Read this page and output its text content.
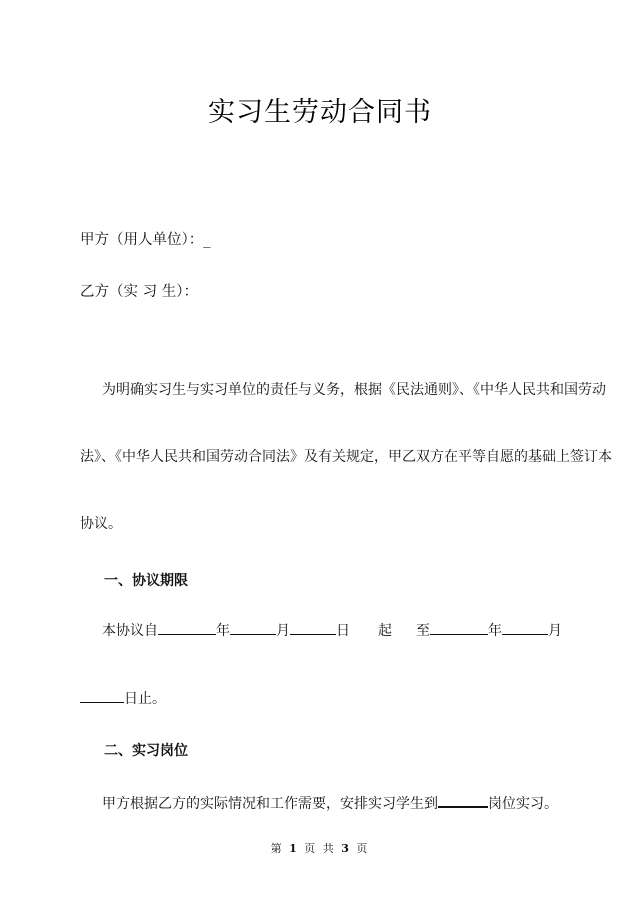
实习生劳动合同书
甲方（用人单位）：_
乙方（实 习 生）：
为明确实习生与实习单位的责任与义务，根据《民法通则》、《中华人民共和国劳动
法》、《中华人民共和国劳动合同法》及有关规定，甲乙双方在平等自愿的基础上签订本
协议。
一、协议期限
本协议自	年	月	日 起 至	年	月
日止。
二、实习岗位
甲方根据乙方的实际情况和工作需要，安排实习学生到	岗位实习。
第 1 页 共 3 页
